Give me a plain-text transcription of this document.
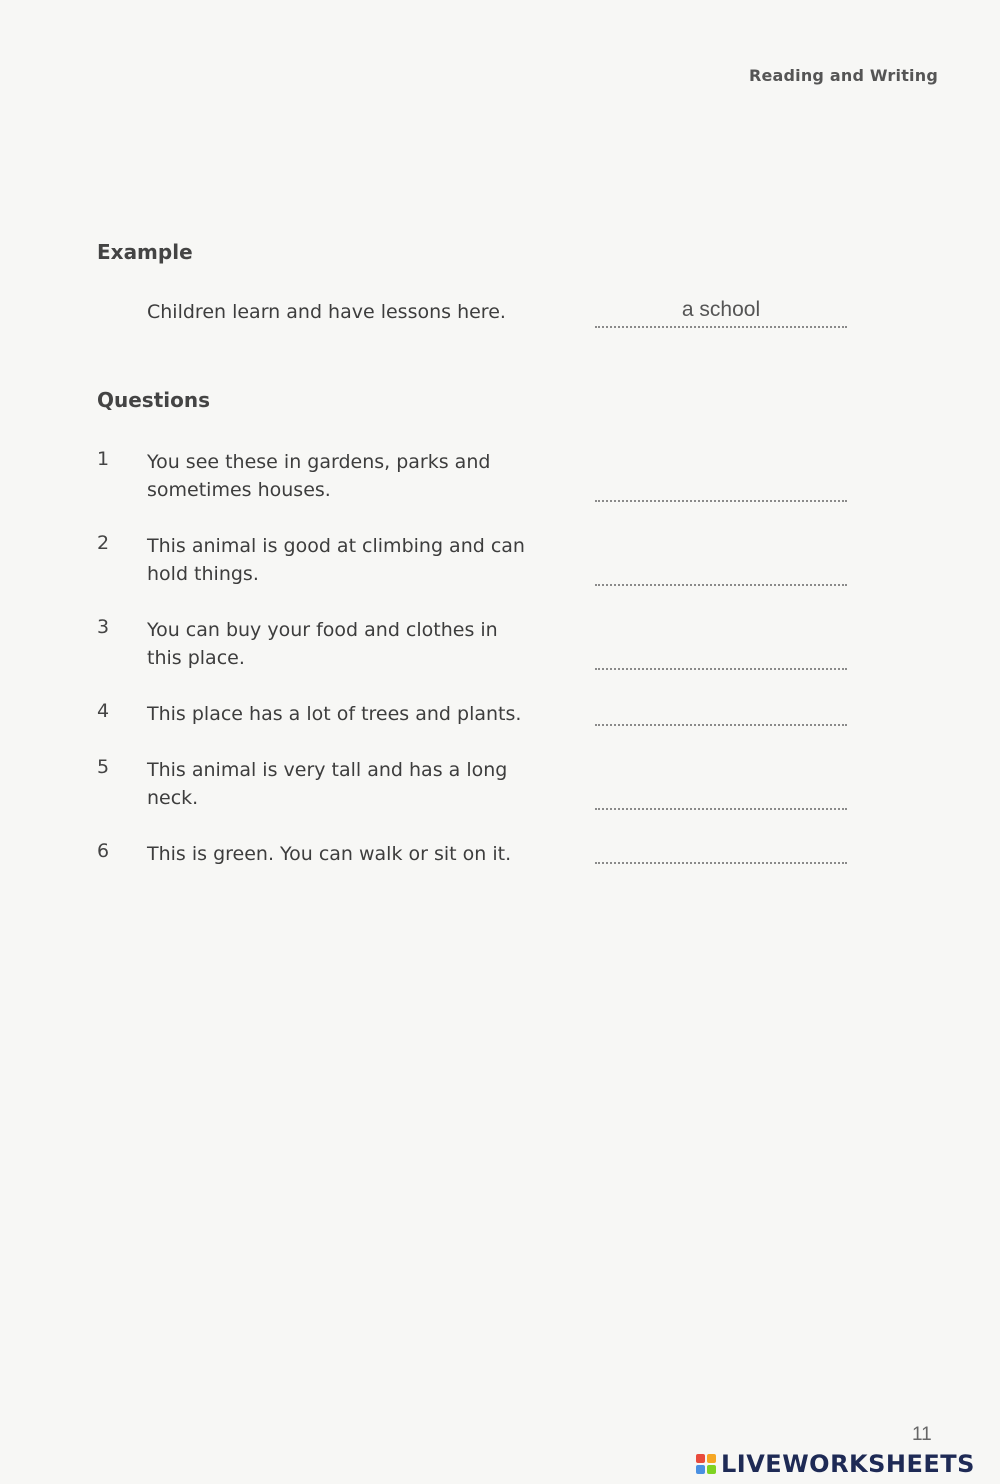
Reading and Writing
Example
Children learn and have lessons here.	a school
Questions
1 You see these in gardens, parks and
sometimes houses.
2 This animal is good at climbing and can
hold things.
3 You can buy your food and clothes in
this place.
4 This place has a lot of trees and plants.
5 This animal is very tall and has a long
neck.
6 This is green. You can walk or sit on it.
11
LIVEWORKSHEETS
